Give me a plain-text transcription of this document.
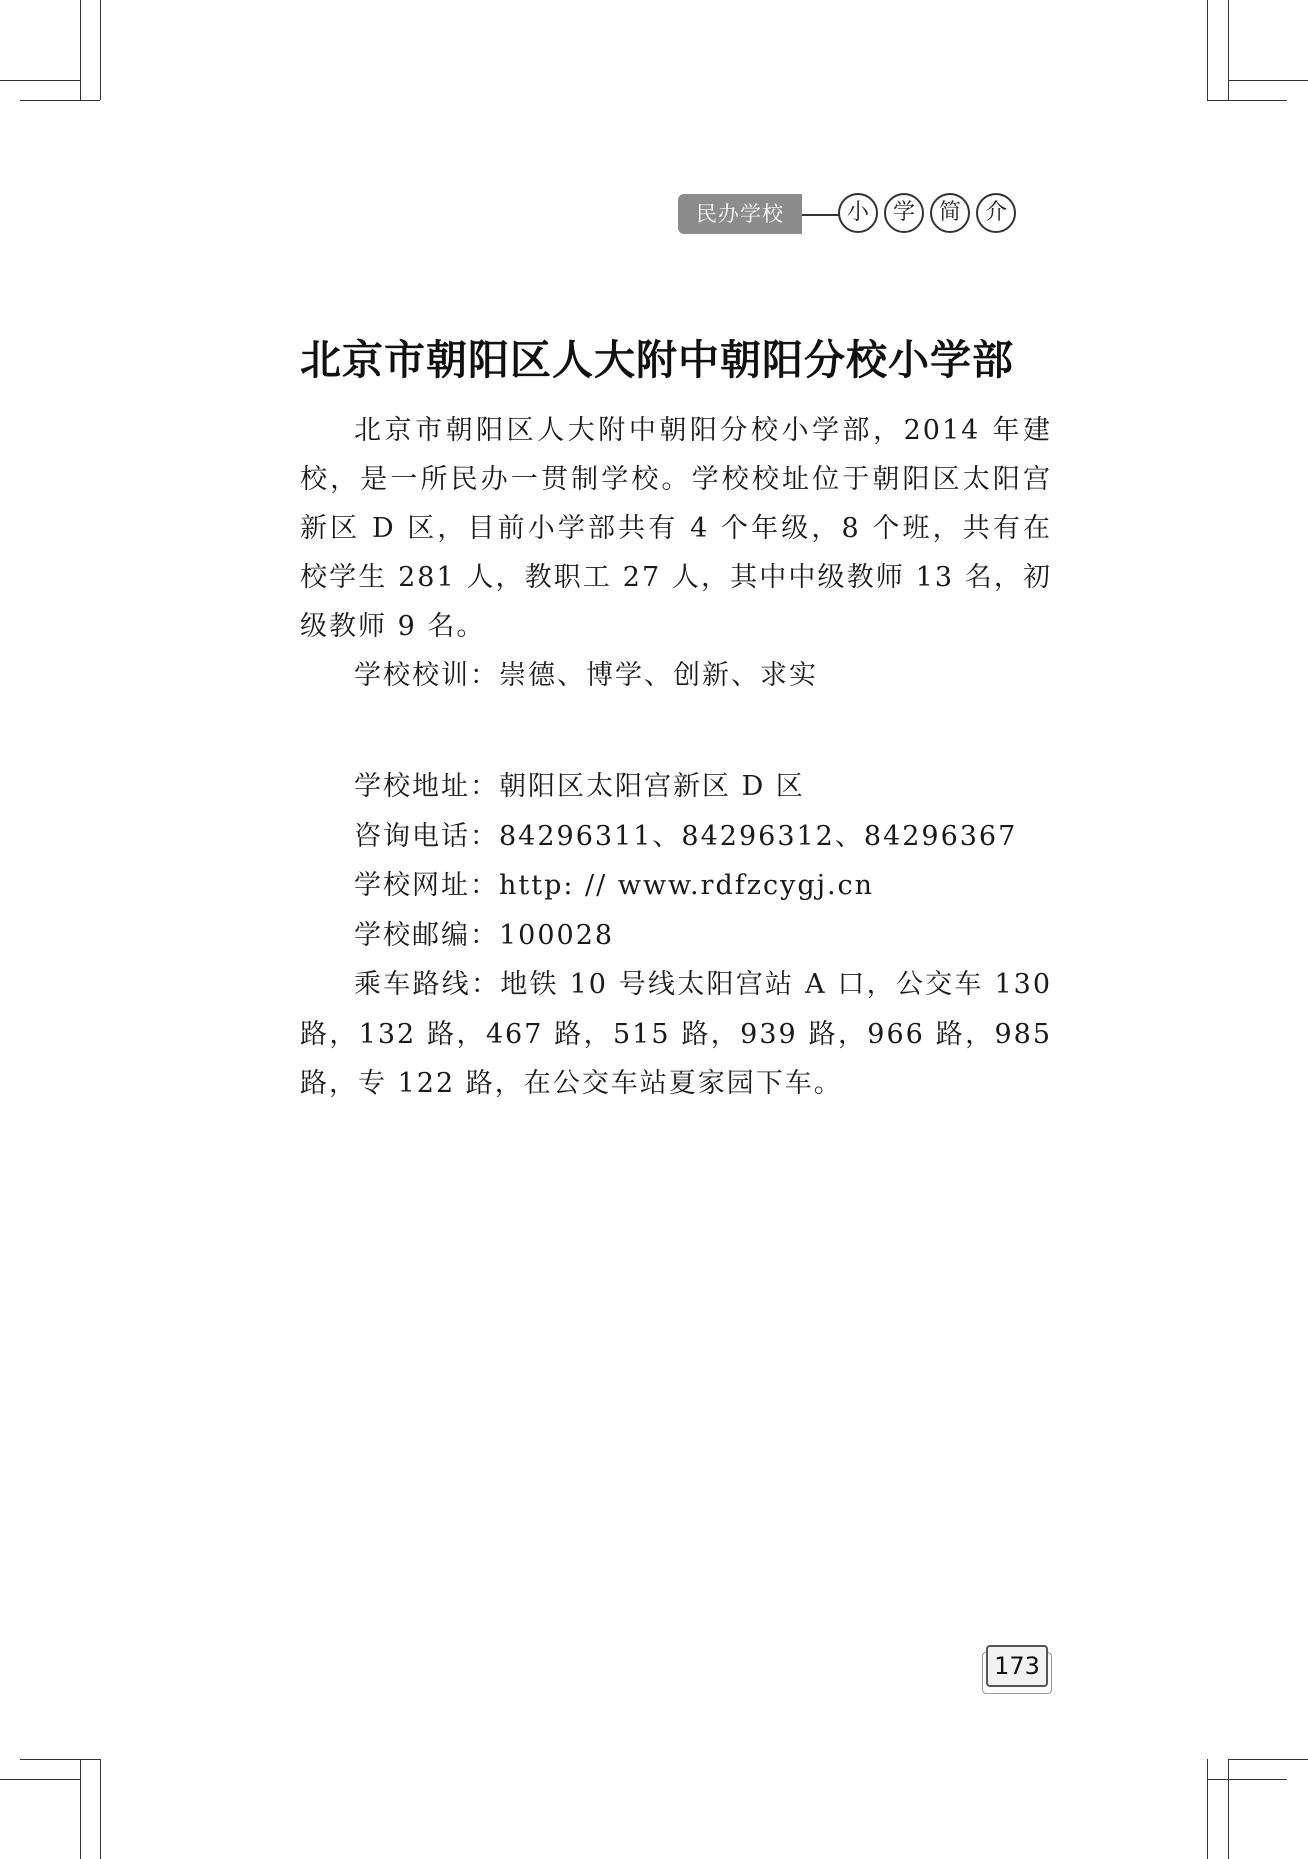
民办学校	小	学	简	介
北京市朝阳区人大附中朝阳分校小学部

北京市朝阳区人大附中朝阳分校小学部，2014 年建校，是一所民办一贯制学校。学校校址位于朝阳区太阳宫新区 D 区，目前小学部共有 4 个年级，8 个班，共有在校学生 281 人，教职工 27 人，其中中级教师 13 名，初级教师 9 名。

学校校训：崇德、博学、创新、求实

学校地址：朝阳区太阳宫新区 D 区

咨询电话：84296311、84296312、84296367

学校网址：http: // www.rdfzcygj.cn

学校邮编：100028

乘车路线：地铁 10 号线太阳宫站 A 口，公交车 130 路，132 路，467 路，515 路，939 路，966 路，985 路，专 122 路，在公交车站夏家园下车。

173
